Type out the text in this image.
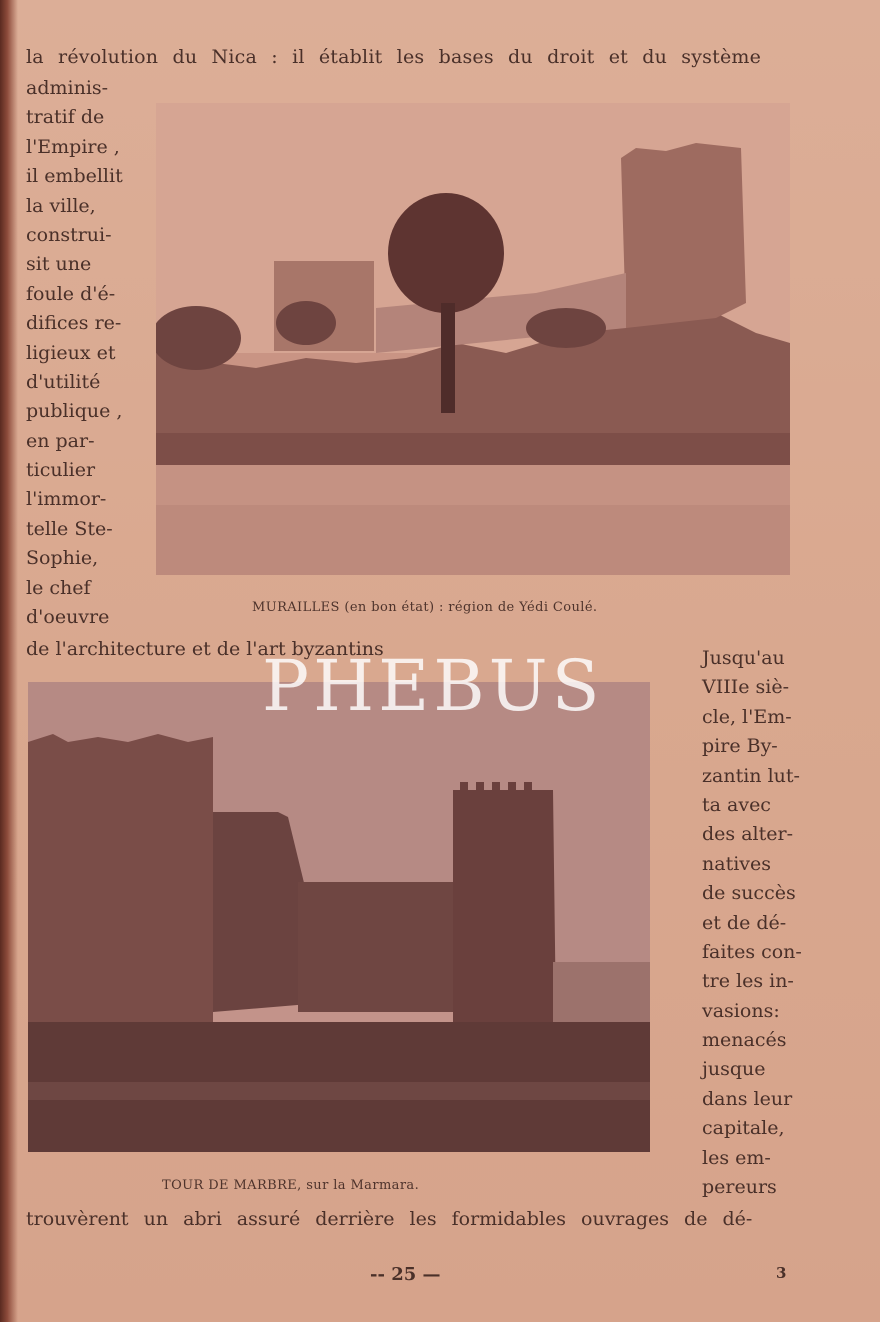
la révolution du Nica : il établit les bases du droit et du système
adminis-
tratif de
l'Empire ,
il embellit
la ville,
construi-
sit une
foule d'é-
difices re-
ligieux et
d'utilité
publique ,
en par-
ticulier
l'immor-
telle Ste-
Sophie,
le chef
d'oeuvre	MURAILLES (en bon état) : région de Yédi Coulé.
de l'architecture et de l'art byzantins	Jusqu'au
VIIIe siè-
cle, l'Em-
pire By-
zantin lut-
ta avec
des alter-
natives
de succès
et de dé-
faites con-
tre les in-
vasions:
menacés
jusque
dans leur
capitale,
les em-
pereurs
TOUR DE MARBRE, sur la Marmara.
trouvèrent un abri assuré derrière les formidables ouvrages de dé-
-- 25 —	3
PHEBUS
